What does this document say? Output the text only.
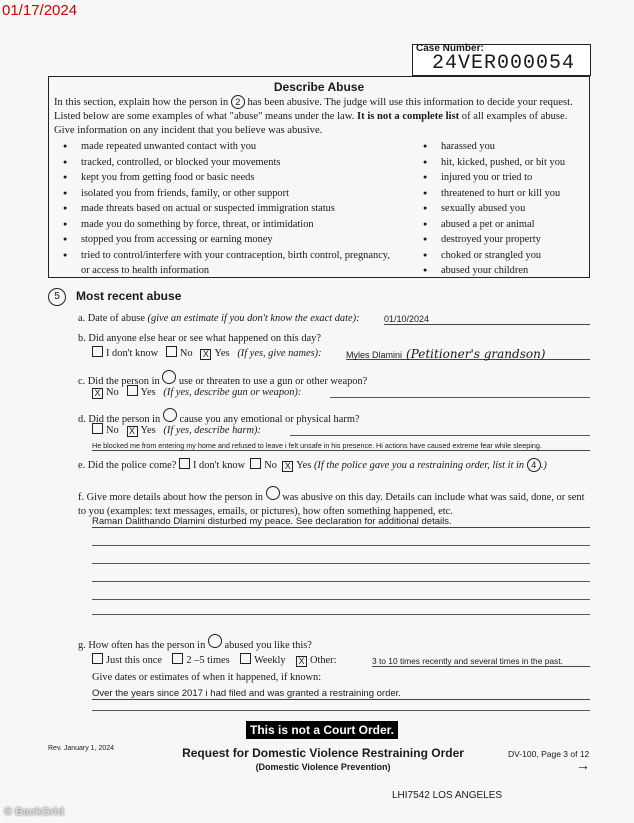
01/17/2024
Case Number:
24VER000054
Describe Abuse
In this section, explain how the person in 2 has been abusive. The judge will use this information to decide your request. Listed below are some examples of what "abuse" means under the law. It is not a complete list of all examples of abuse. Give information on any incident that you believe was abusive.
● made repeated unwanted contact with you
● tracked, controlled, or blocked your movements
● kept you from getting food or basic needs
● isolated you from friends, family, or other support
● made threats based on actual or suspected immigration status
● made you do something by force, threat, or intimidation
● stopped you from accessing or earning money
● tried to control/interfere with your contraception, birth control, pregnancy, or access to health information
● harassed you
● hit, kicked, pushed, or bit you
● injured you or tried to
● threatened to hurt or kill you
● sexually abused you
● abused a pet or animal
● destroyed your property
● choked or strangled you
● abused your children
5	Most recent abuse
a. Date of abuse (give an estimate if you don't know the exact date):	01/10/2024
b. Did anyone else hear or see what happened on this day?
I don't know No X Yes (If yes, give names):	Myles Dlamini (Petitioner's grandson)
c. Did the person in use or threaten to use a gun or other weapon?
X No Yes (If yes, describe gun or weapon):
d. Did the person in cause you any emotional or physical harm?
No X Yes (If yes, describe harm):
He blocked me from entering my home and refused to leave i felt unsafe in his presence. Hi actions have caused extreme fear while sleeping.
e. Did the police come? I don't know No X Yes (If the police gave you a restraining order, list it in 4 .)
f. Give more details about how the person in was abusive on this day. Details can include what was said, done, or sent to you (examples: text messages, emails, or pictures), how often something happened, etc.
Raman Dalithando Dlamini disturbed my peace. See declaration for additional details.
g. How often has the person in abused you like this?
Just this once 2 –5 times Weekly X Other:	3 to 10 times recently and several times in the past.
Give dates or estimates of when it happened, if known:
Over the years since 2017 i had filed and was granted a restraining order.
This is not a Court Order.
Rev. January 1, 2024	Request for Domestic Violence Restraining Order
(Domestic Violence Prevention)
DV-100, Page 3 of 12
→
LHI7542 LOS ANGELES
© BackGrid
